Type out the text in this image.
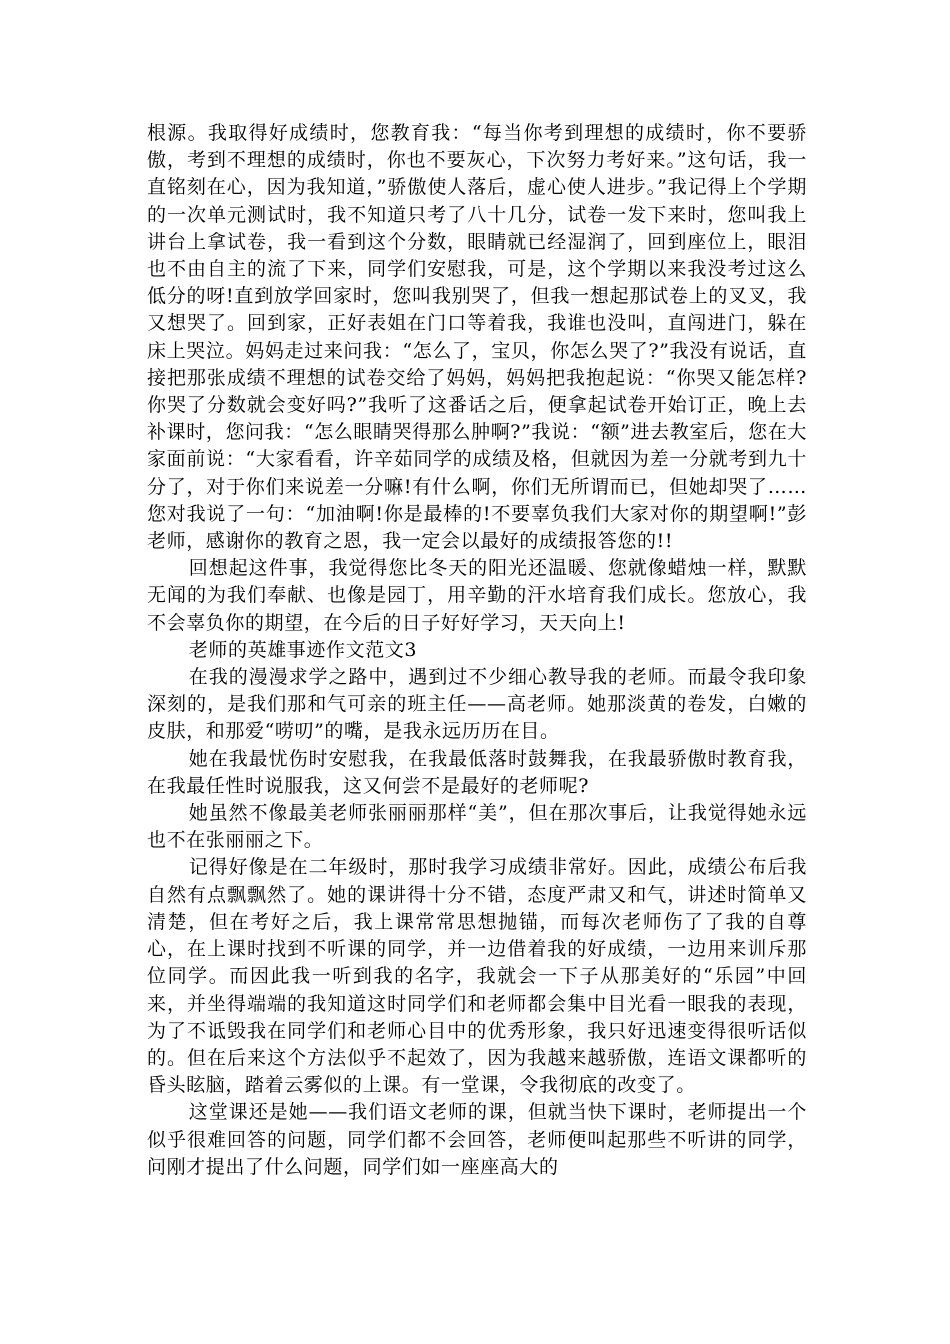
根源。我取得好成绩时，您教育我：“每当你考到理想的成绩时，你不要骄傲，考到不理想的成绩时，你也不要灰心，下次努力考好来。”这句话，我一直铭刻在心，因为我知道，”骄傲使人落后，虚心使人进步。”我记得上个学期的一次单元测试时，我不知道只考了八十几分，试卷一发下来时，您叫我上讲台上拿试卷，我一看到这个分数，眼睛就已经湿润了，回到座位上，眼泪也不由自主的流了下来，同学们安慰我，可是，这个学期以来我没考过这么低分的呀!直到放学回家时，您叫我别哭了，但我一想起那试卷上的叉叉，我又想哭了。回到家，正好表姐在门口等着我，我谁也没叫，直闯进门，躲在床上哭泣。妈妈走过来问我：“怎么了，宝贝，你怎么哭了?”我没有说话，直接把那张成绩不理想的试卷交给了妈妈，妈妈把我抱起说：“你哭又能怎样?你哭了分数就会变好吗?”我听了这番话之后，便拿起试卷开始订正，晚上去补课时，您问我：“怎么眼睛哭得那么肿啊?”我说：“额”进去教室后，您在大家面前说：“大家看看，许辛茹同学的成绩及格，但就因为差一分就考到九十分了，对于你们来说差一分嘛!有什么啊，你们无所谓而已，但她却哭了……您对我说了一句：“加油啊!你是最棒的!不要辜负我们大家对你的期望啊!”彭老师，感谢你的教育之恩，我一定会以最好的成绩报答您的!!

回想起这件事，我觉得您比冬天的阳光还温暖、您就像蜡烛一样，默默无闻的为我们奉献、也像是园丁，用辛勤的汗水培育我们成长。您放心，我不会辜负你的期望，在今后的日子好好学习，天天向上!

老师的英雄事迹作文范文3

在我的漫漫求学之路中，遇到过不少细心教导我的老师。而最令我印象深刻的，是我们那和气可亲的班主任——高老师。她那淡黄的卷发，白嫩的皮肤，和那爱“唠叨”的嘴，是我永远历历在目。

她在我最忧伤时安慰我，在我最低落时鼓舞我，在我最骄傲时教育我，在我最任性时说服我，这又何尝不是最好的老师呢?

她虽然不像最美老师张丽丽那样“美”，但在那次事后，让我觉得她永远也不在张丽丽之下。

记得好像是在二年级时，那时我学习成绩非常好。因此，成绩公布后我自然有点飘飘然了。她的课讲得十分不错，态度严肃又和气，讲述时简单又清楚，但在考好之后，我上课常常思想抛锚，而每次老师伤了了我的自尊心，在上课时找到不听课的同学，并一边借着我的好成绩，一边用来训斥那位同学。而因此我一听到我的名字，我就会一下子从那美好的“乐园”中回来，并坐得端端的我知道这时同学们和老师都会集中目光看一眼我的表现，为了不诋毁我在同学们和老师心目中的优秀形象，我只好迅速变得很听话似的。但在后来这个方法似乎不起效了，因为我越来越骄傲，连语文课都听的昏头眩脑，踏着云雾似的上课。有一堂课，令我彻底的改变了。

这堂课还是她——我们语文老师的课，但就当快下课时，老师提出一个似乎很难回答的问题，同学们都不会回答，老师便叫起那些不听讲的同学，问刚才提出了什么问题，同学们如一座座高大的
